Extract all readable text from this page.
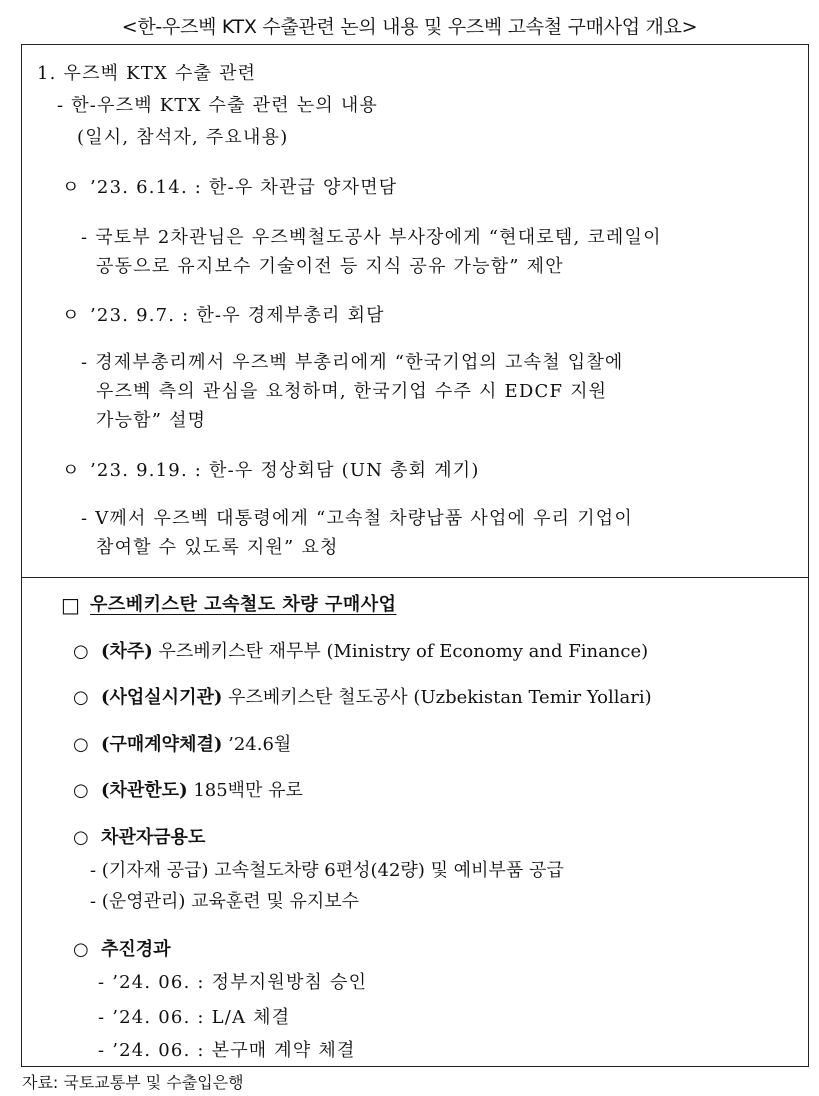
<한-우즈벡 KTX 수출관련 논의 내용 및 우즈벡 고속철 구매사업 개요>
1. 우즈벡 KTX 수출 관련
- 한-우즈벡 KTX 수출 관련 논의 내용
(일시, 참석자, 주요내용)
ㅇ ’23. 6.14. : 한-우 차관급 양자면담
- 국토부 2차관님은 우즈벡철도공사 부사장에게 “현대로템, 코레일이
공동으로 유지보수 기술이전 등 지식 공유 가능함” 제안
ㅇ ’23. 9.7. : 한-우 경제부총리 회담
- 경제부총리께서 우즈벡 부총리에게 “한국기업의 고속철 입찰에
우즈벡 측의 관심을 요청하며, 한국기업 수주 시 EDCF 지원
가능함” 설명
ㅇ ’23. 9.19. : 한-우 정상회담 (UN 총회 계기)
- V께서 우즈벡 대통령에게 “고속철 차량납품 사업에 우리 기업이
참여할 수 있도록 지원” 요청
□ 우즈베키스탄 고속철도 차량 구매사업
○ (차주) 우즈베키스탄 재무부 (Ministry of Economy and Finance)
○ (사업실시기관) 우즈베키스탄 철도공사 (Uzbekistan Temir Yollari)
○ (구매계약체결) ’24.6월
○ (차관한도) 185백만 유로
○ 차관자금용도
- (기자재 공급) 고속철도차량 6편성(42량) 및 예비부품 공급
- (운영관리) 교육훈련 및 유지보수
○ 추진경과
- ’24. 06. : 정부지원방침 승인
- ’24. 06. : L/A 체결
- ’24. 06. : 본구매 계약 체결
자료: 국토교통부 및 수출입은행
